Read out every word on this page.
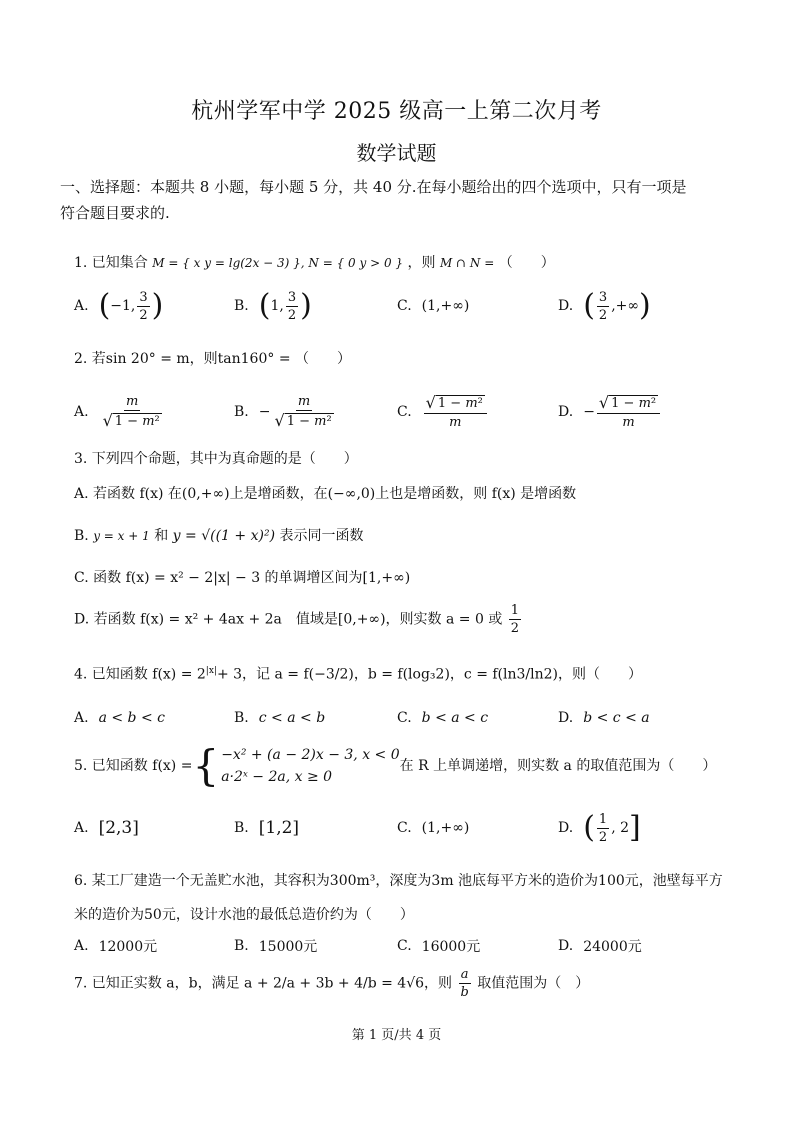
杭州学军中学 2025 级高一上第二次月考
数学试题
一、选择题：本题共 8 小题，每小题 5 分，共 40 分.在每小题给出的四个选项中，只有一项是
符合题目要求的.
1. 已知集合 M = { x y = lg(2x − 3) }, N = { 0 y > 0 } ，则 M ∩ N = （　　）
A. ( −1, $\frac{3}{2}$ )	B. ( 1, $\frac{3}{2}$ )	C. (1,+∞)	D. ( $\frac{3}{2}$ ,+∞ )
2. 若sin 20° = m，则tan160° = （　　）
A. $\frac{m}{\text{√ 1 − m²}}$	B. − $\frac{m}{\text{√ 1 − m²}}$	C. $\frac{\text{√ 1 − m²}}{m}$	D. − $\frac{\text{√ 1 − m²}}{m}$
3. 下列四个命题，其中为真命题的是（　　）
A. 若函数 f(x) 在(0,+∞)上是增函数，在(−∞,0)上也是增函数，则 f(x) 是增函数
B. y = x + 1 和 y = √((1 + x)²) 表示同一函数
C. 函数 f(x) = x² − 2|x| − 3 的单调增区间为[1,+∞)
D. 若函数 f(x) = x² + 4ax + 2a　值域是[0,+∞)，则实数 a = 0 或 $\frac{1}{2}$
4. 已知函数 $f(x) = 2^{|x|}+ 3$，记 a = f(−3/2)，b = f(log₃2)，c = f(ln3/ln2)，则（　　）
A. a < b < c	B. c < a < b	C. b < a < c	D. b < c < a
5. 已知函数 f(x) = { −x² + (a − 2)x − 3, x < 0
a·2ˣ − 2a, x ≥ 0
在 R 上单调递增，则实数 a 的取值范围为（　　）
A. [2,3]	B. [1,2]	C. (1,+∞)	D. ( $\frac{1}{2}$ , 2 ]
6. 某工厂建造一个无盖贮水池，其容积为300m³，深度为3m 池底每平方米的造价为100元，池壁每平方
米的造价为50元，设计水池的最低总造价约为（　　）
A. 12000元	B. 15000元	C. 16000元	D. 24000元
7. 已知正实数 a，b，满足 a + 2/a + 3b + 4/b = 4√6，则 $\frac{a}{b}$ 取值范围为（　）
第 1 页/共 4 页
